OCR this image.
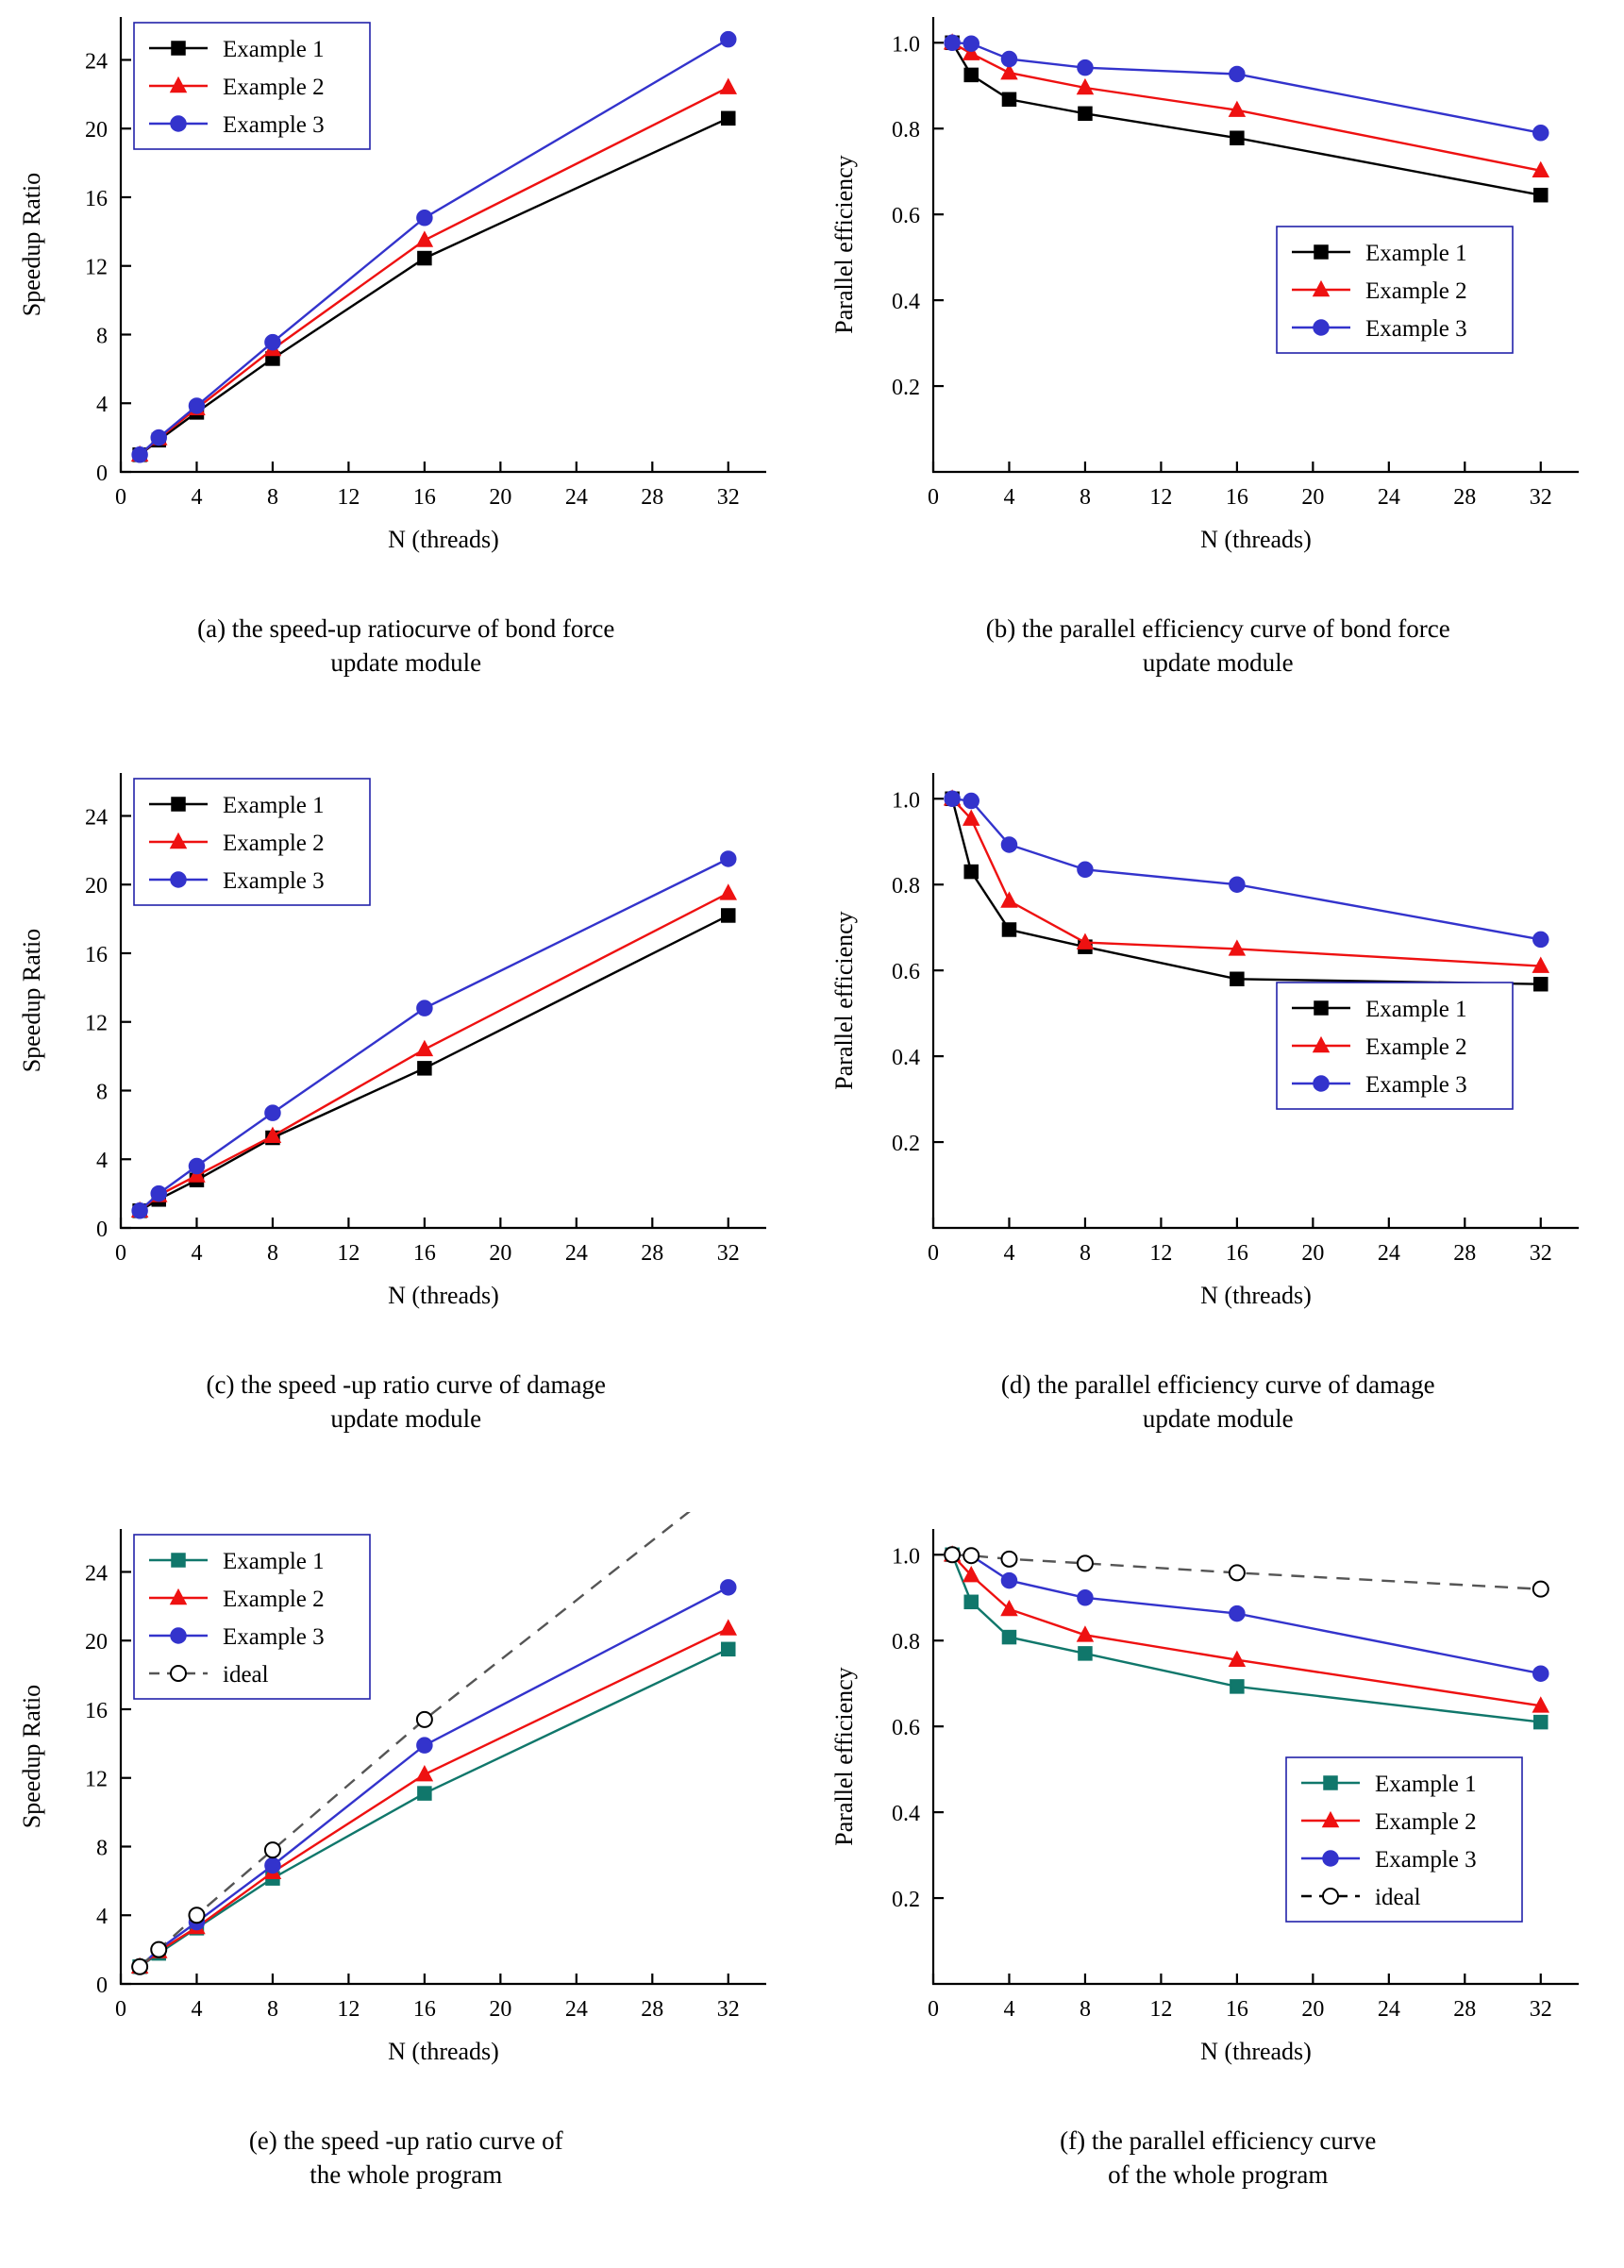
0	4	8	12 16 20 24 28 32
0
4
8
12
16
20
24
N (threads)
Speedup Ratio
Example 1
Example 2
Example 3
(a) the speed-up ratiocurve of bond force
update module
0	4	8	12 16 20 24 28 32
0.2
0.4
0.6
0.8
1.0
N (threads)
Parallel efficiency	Example 1
Example 2
Example 3
(b) the parallel efficiency curve of bond force
update module
0	4	8	12 16 20 24 28 32
0
4
8
12
16
20
24
N (threads)
Speedup Ratio
Example 1
Example 2
Example 3
(c) the speed -up ratio curve of damage
update module
0	4	8	12 16 20 24 28 32
0.2
0.4
0.6
0.8
1.0
N (threads)
Parallel efficiency	Example 1
Example 2
Example 3
(d) the parallel efficiency curve of damage
update module
0	4	8	12 16 20 24 28 32
0
4
8
12
16
20
24
N (threads)
Speedup Ratio
Example 1
Example 2
Example 3
ideal
(e) the speed -up ratio curve of
the whole program
0	4	8	12 16 20 24 28 32
0.2
0.4
0.6
0.8
1.0
N (threads)
Parallel efficiency	Example 1
Example 2
Example 3
ideal
(f) the parallel efficiency curve
of the whole program
